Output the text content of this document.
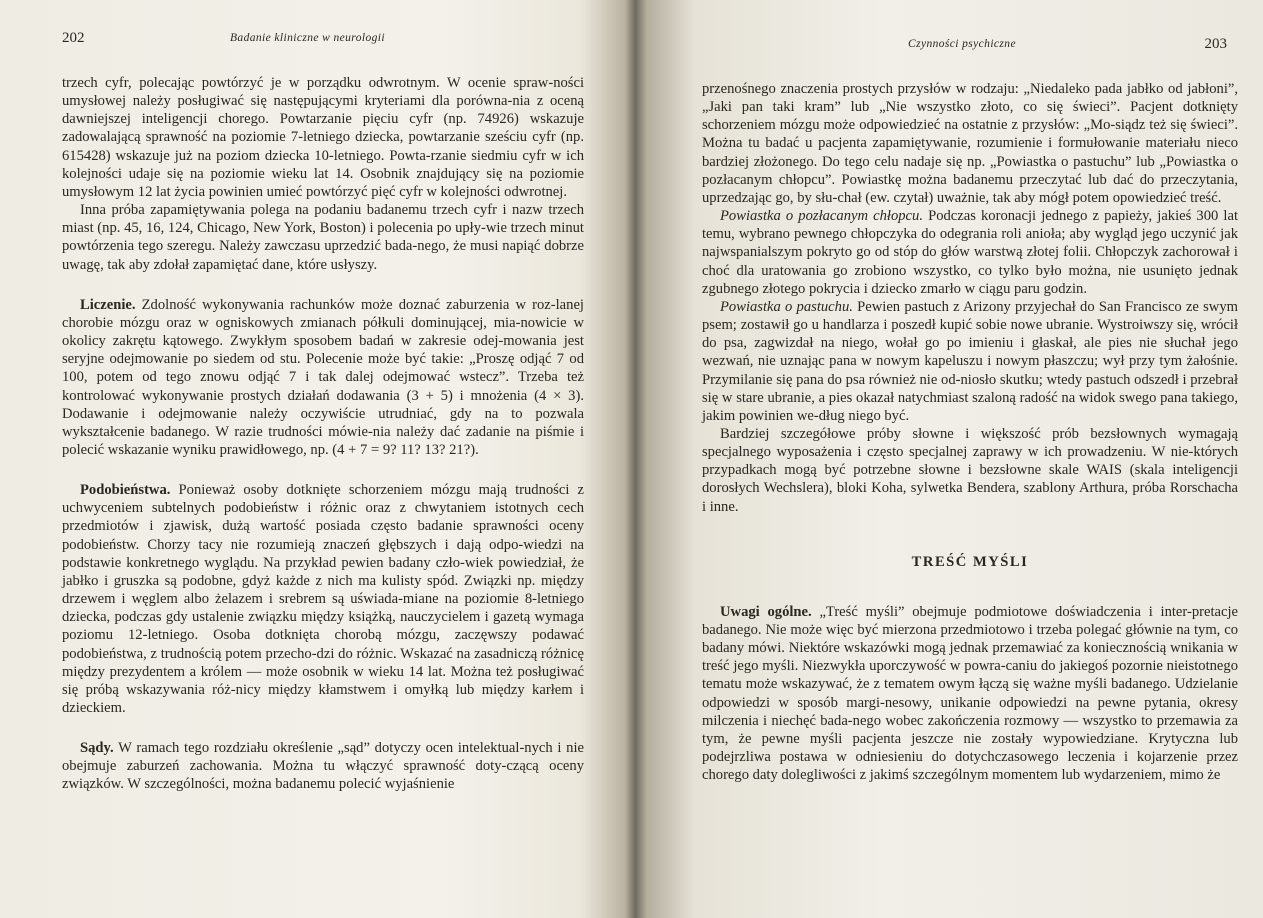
202	Badanie kliniczne w neurologii

trzech cyfr, polecając powtórzyć je w porządku odwrotnym. W ocenie spraw-ności umysłowej należy posługiwać się następującymi kryteriami dla porówna-nia z oceną dawniejszej inteligencji chorego. Powtarzanie pięciu cyfr (np. 74926) wskazuje zadowalającą sprawność na poziomie 7-letniego dziecka, powtarzanie sześciu cyfr (np. 615428) wskazuje już na poziom dziecka 10-letniego. Powta-rzanie siedmiu cyfr w ich kolejności udaje się na poziomie wieku lat 14. Osobnik znajdujący się na poziomie umysłowym 12 lat życia powinien umieć powtórzyć pięć cyfr w kolejności odwrotnej.

Inna próba zapamiętywania polega na podaniu badanemu trzech cyfr i nazw trzech miast (np. 45, 16, 124, Chicago, New York, Boston) i polecenia po upły-wie trzech minut powtórzenia tego szeregu. Należy zawczasu uprzedzić bada-nego, że musi napiąć dobrze uwagę, tak aby zdołał zapamiętać dane, które usłyszy.

Liczenie. Zdolność wykonywania rachunków może doznać zaburzenia w roz-lanej chorobie mózgu oraz w ogniskowych zmianach półkuli dominującej, mia-nowicie w okolicy zakrętu kątowego. Zwykłym sposobem badań w zakresie odej-mowania jest seryjne odejmowanie po siedem od stu. Polecenie może być takie: „Proszę odjąć 7 od 100, potem od tego znowu odjąć 7 i tak dalej odejmować wstecz”. Trzeba też kontrolować wykonywanie prostych działań dodawania (3 + 5) i mnożenia (4 × 3). Dodawanie i odejmowanie należy oczywiście utrudniać, gdy na to pozwala wykształcenie badanego. W razie trudności mówie-nia należy dać zadanie na piśmie i polecić wskazanie wyniku prawidłowego, np. (4 + 7 = 9? 11? 13? 21?).

Podobieństwa. Ponieważ osoby dotknięte schorzeniem mózgu mają trudności z uchwyceniem subtelnych podobieństw i różnic oraz z chwytaniem istotnych cech przedmiotów i zjawisk, dużą wartość posiada często badanie sprawności oceny podobieństw. Chorzy tacy nie rozumieją znaczeń głębszych i dają odpo-wiedzi na podstawie konkretnego wyglądu. Na przykład pewien badany czło-wiek powiedział, że jabłko i gruszka są podobne, gdyż każde z nich ma kulisty spód. Związki np. między drzewem i węglem albo żelazem i srebrem są uświada-miane na poziomie 8-letniego dziecka, podczas gdy ustalenie związku między książką, nauczycielem i gazetą wymaga poziomu 12-letniego. Osoba dotknięta chorobą mózgu, zaczęwszy podawać podobieństwa, z trudnością potem przecho-dzi do różnic. Wskazać na zasadniczą różnicę między prezydentem a królem — może osobnik w wieku 14 lat. Można też posługiwać się próbą wskazywania róż-nicy między kłamstwem i omyłką lub między karłem i dzieckiem.

Sądy. W ramach tego rozdziału określenie „sąd” dotyczy ocen intelektual-nych i nie obejmuje zaburzeń zachowania. Można tu włączyć sprawność doty-czącą oceny związków. W szczególności, można badanemu polecić wyjaśnienie

Czynności psychiczne	203

przenośnego znaczenia prostych przysłów w rodzaju: „Niedaleko pada jabłko od jabłoni”, „Jaki pan taki kram” lub „Nie wszystko złoto, co się świeci”. Pacjent dotknięty schorzeniem mózgu może odpowiedzieć na ostatnie z przysłów: „Mo-siądz też się świeci”. Można tu badać u pacjenta zapamiętywanie, rozumienie i formułowanie materiału nieco bardziej złożonego. Do tego celu nadaje się np. „Powiastka o pastuchu” lub „Powiastka o pozłacanym chłopcu”. Powiastkę można badanemu przeczytać lub dać do przeczytania, uprzedzając go, by słu-chał (ew. czytał) uważnie, tak aby mógł potem opowiedzieć treść.

Powiastka o pozłacanym chłopcu. Podczas koronacji jednego z papieży, jakieś 300 lat temu, wybrano pewnego chłopczyka do odegrania roli anioła; aby wygląd jego uczynić jak najwspanialszym pokryto go od stóp do głów warstwą złotej folii. Chłopczyk zachorował i choć dla uratowania go zrobiono wszystko, co tylko było można, nie usunięto jednak zgubnego złotego pokrycia i dziecko zmarło w ciągu paru godzin.

Powiastka o pastuchu. Pewien pastuch z Arizony przyjechał do San Francisco ze swym psem; zostawił go u handlarza i poszedł kupić sobie nowe ubranie. Wystroiwszy się, wrócił do psa, zagwizdał na niego, wołał go po imieniu i głaskał, ale pies nie słuchał jego wezwań, nie uznając pana w nowym kapeluszu i nowym płaszczu; wył przy tym żałośnie. Przymilanie się pana do psa również nie od-niosło skutku; wtedy pastuch odszedł i przebrał się w stare ubranie, a pies okazał natychmiast szaloną radość na widok swego pana takiego, jakim powinien we-dług niego być.

Bardziej szczegółowe próby słowne i większość prób bezsłownych wymagają specjalnego wyposażenia i często specjalnej zaprawy w ich prowadzeniu. W nie-których przypadkach mogą być potrzebne słowne i bezsłowne skale WAIS (skala inteligencji dorosłych Wechslera), bloki Koha, sylwetka Bendera, szablony Arthura, próba Rorschacha i inne.

TREŚĆ MYŚLI

Uwagi ogólne. „Treść myśli” obejmuje podmiotowe doświadczenia i inter-pretacje badanego. Nie może więc być mierzona przedmiotowo i trzeba polegać głównie na tym, co badany mówi. Niektóre wskazówki mogą jednak przemawiać za koniecznością wnikania w treść jego myśli. Niezwykła uporczywość w powra-caniu do jakiegoś pozornie nieistotnego tematu może wskazywać, że z tematem owym łączą się ważne myśli badanego. Udzielanie odpowiedzi w sposób margi-nesowy, unikanie odpowiedzi na pewne pytania, okresy milczenia i niechęć bada-nego wobec zakończenia rozmowy — wszystko to przemawia za tym, że pewne myśli pacjenta jeszcze nie zostały wypowiedziane. Krytyczna lub podejrzliwa postawa w odniesieniu do dotychczasowego leczenia i kojarzenie przez chorego daty dolegliwości z jakimś szczególnym momentem lub wydarzeniem, mimo że
